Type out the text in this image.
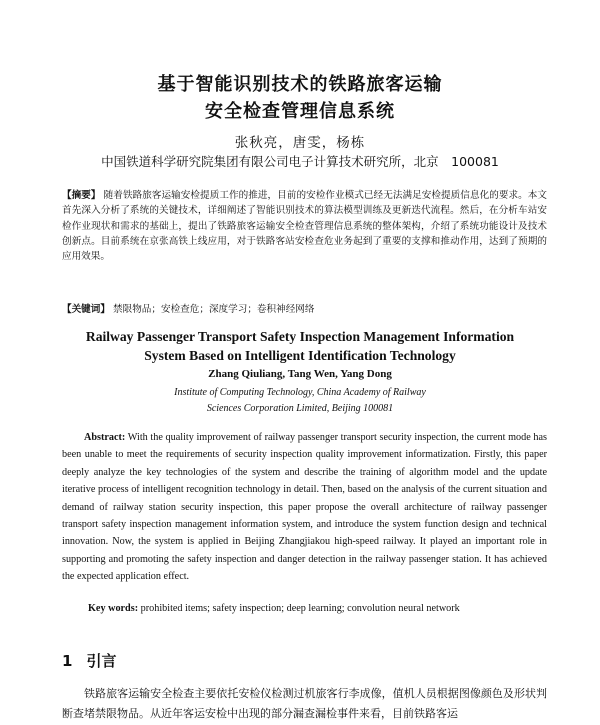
基于智能识别技术的铁路旅客运输
安全检查管理信息系统
张秋亮，唐雯，杨栋
中国铁道科学研究院集团有限公司电子计算技术研究所，北京　100081
【摘要】 随着铁路旅客运输安检提质工作的推进，目前的安检作业模式已经无法满足安检提质信息化的要求。本文首先深入分析了系统的关键技术，详细阐述了智能识别技术的算法模型训练及更新迭代流程。然后，在分析车站安检作业现状和需求的基础上，提出了铁路旅客运输安全检查管理信息系统的整体架构，介绍了系统功能设计及技术创新点。目前系统在京张高铁上线应用，对于铁路客站安检查危业务起到了重要的支撑和推动作用，达到了预期的应用效果。
【关键词】 禁限物品；安检查危；深度学习；卷积神经网络
Railway Passenger Transport Safety Inspection Management Information
System Based on Intelligent Identification Technology
Zhang Qiuliang, Tang Wen, Yang Dong
Institute of Computing Technology, China Academy of Railway
Sciences Corporation Limited, Beijing 100081
Abstract: With the quality improvement of railway passenger transport security inspection, the current mode has been unable to meet the requirements of security inspection quality improvement informatization. Firstly, this paper deeply analyze the key technologies of the system and describe the training of algorithm model and the update iterative process of intelligent recognition technology in detail. Then, based on the analysis of the current situation and demand of railway station security inspection, this paper propose the overall architecture of railway passenger transport safety inspection management information system, and introduce the system function design and technical innovation. Now, the system is applied in Beijing Zhangjiakou high-speed railway. It played an important role in supporting and promoting the safety inspection and danger detection in the railway passenger station. It has achieved the expected application effect.
Key words: prohibited items; safety inspection; deep learning; convolution neural network
1 引言
铁路旅客运输安全检查主要依托安检仪检测过机旅客行李成像，值机人员根据图像颜色及形状判断查堵禁限物品。从近年客运安检中出现的部分漏查漏检事件来看，目前铁路客运
